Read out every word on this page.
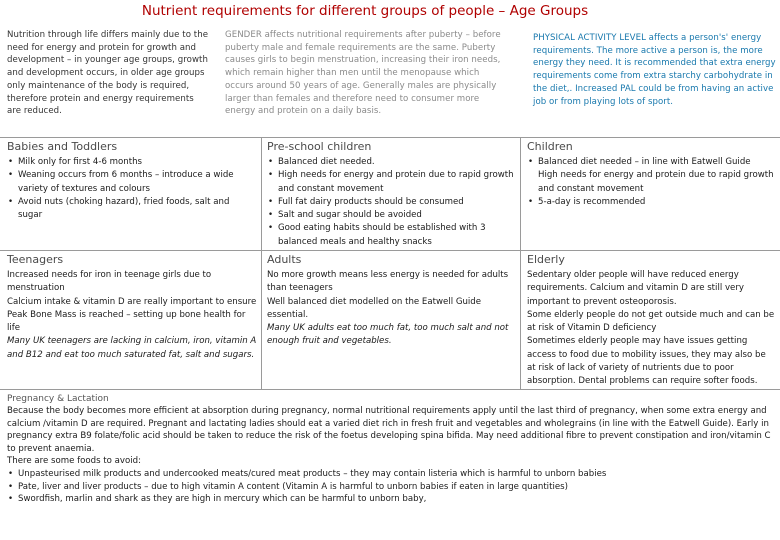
Nutrient requirements for different groups of people – Age Groups
Nutrition through life differs mainly due to the need for energy and protein for growth and development – in younger age groups, growth and development occurs, in older age groups only maintenance of the body is required, therefore protein and energy requirements are reduced.
GENDER affects nutritional requirements after puberty – before puberty male and female requirements are the same. Puberty causes girls to begin menstruation, increasing their iron needs, which remain higher than men until the menopause which occurs around 50 years of age. Generally males are physically larger than females and therefore need to consumer more energy and protein on a daily basis.
PHYSICAL ACTIVITY LEVEL affects a person's' energy requirements. The more active a person is, the more energy they need. It is recommended that extra energy requirements come from extra starchy carbohydrate in the diet,. Increased PAL could be from having an active job or from playing lots of sport.
Babies and Toddlers
• Milk only for first 4-6 months
• Weaning occurs from 6 months – introduce a wide variety of textures and colours
• Avoid nuts (choking hazard), fried foods, salt and sugar
Pre-school children
• Balanced diet needed.
• High needs for energy and protein due to rapid growth and constant movement
• Full fat dairy products should be consumed
• Salt and sugar should be avoided
• Good eating habits should be established with 3 balanced meals and healthy snacks
Children
• Balanced diet needed – in line with Eatwell Guide
High needs for energy and protein due to rapid growth and constant movement
• 5-a-day is recommended
Teenagers

Increased needs for iron in teenage girls due to menstruation

Calcium intake & vitamin D are really important to ensure Peak Bone Mass is reached – setting up bone health for life

Many UK teenagers are lacking in calcium, iron, vitamin A and B12 and eat too much saturated fat, salt and sugars.

Adults

No more growth means less energy is needed for adults than teenagers

Well balanced diet modelled on the Eatwell Guide essential.

Many UK adults eat too much fat, too much salt and not enough fruit and vegetables.

Elderly

Sedentary older people will have reduced energy requirements. Calcium and vitamin D are still very important to prevent osteoporosis.

Some elderly people do not get outside much and can be at risk of Vitamin D deficiency

Sometimes elderly people may have issues getting access to food due to mobility issues, they may also be at risk of lack of variety of nutrients due to poor absorption. Dental problems can require softer foods.

Pregnancy & Lactation

Because the body becomes more efficient at absorption during pregnancy, normal nutritional requirements apply until the last third of pregnancy, when some extra energy and calcium /vitamin D are required. Pregnant and lactating ladies should eat a varied diet rich in fresh fruit and vegetables and wholegrains (in line with the Eatwell Guide). Early in pregnancy extra B9 folate/folic acid should be taken to reduce the risk of the foetus developing spina bifida. May need additional fibre to prevent constipation and iron/vitamin C to prevent anaemia.

There are some foods to avoid:

• Unpasteurised milk products and undercooked meats/cured meat products – they may contain listeria which is harmful to unborn babies
• Pate, liver and liver products – due to high vitamin A content (Vitamin A is harmful to unborn babies if eaten in large quantities)
• Swordfish, marlin and shark as they are high in mercury which can be harmful to unborn baby,
